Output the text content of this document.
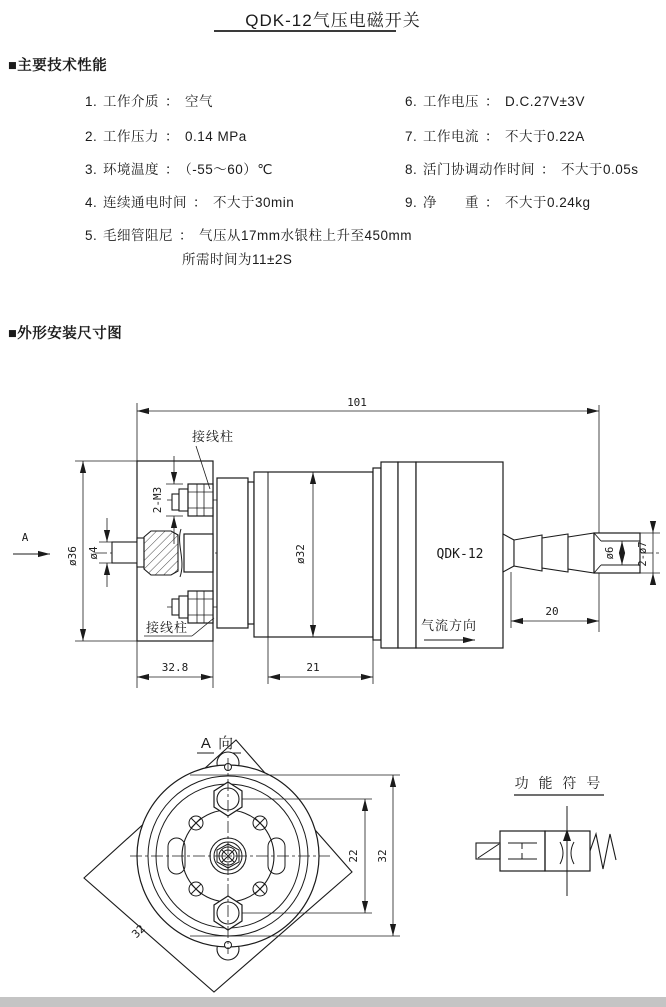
QDK-12气压电磁开关
■主要技术性能
1. 工作介质 ： 空气
2. 工作压力 ： 0.14 MPa
3. 环境温度 ： （-55～60）℃
4. 连续通电时间 ： 不大于30min
5. 毛细管阻尼 ： 气压从17mm水银柱上升至450mm
所需时间为11±2S
6. 工作电压 ： D.C.27V±3V
7. 工作电流 ： 不大于0.22A
8. 活门协调动作时间 ： 不大于0.05s
9. 净　　重 ： 不大于0.24kg
■外形安装尺寸图
A
101
ø36 ø4
2-M3
接线柱
接线柱
ø32	QDK-12
气流方向
32.8	21
ø6 2-ø7
20
A 向
32
22 32
功 能 符 号
